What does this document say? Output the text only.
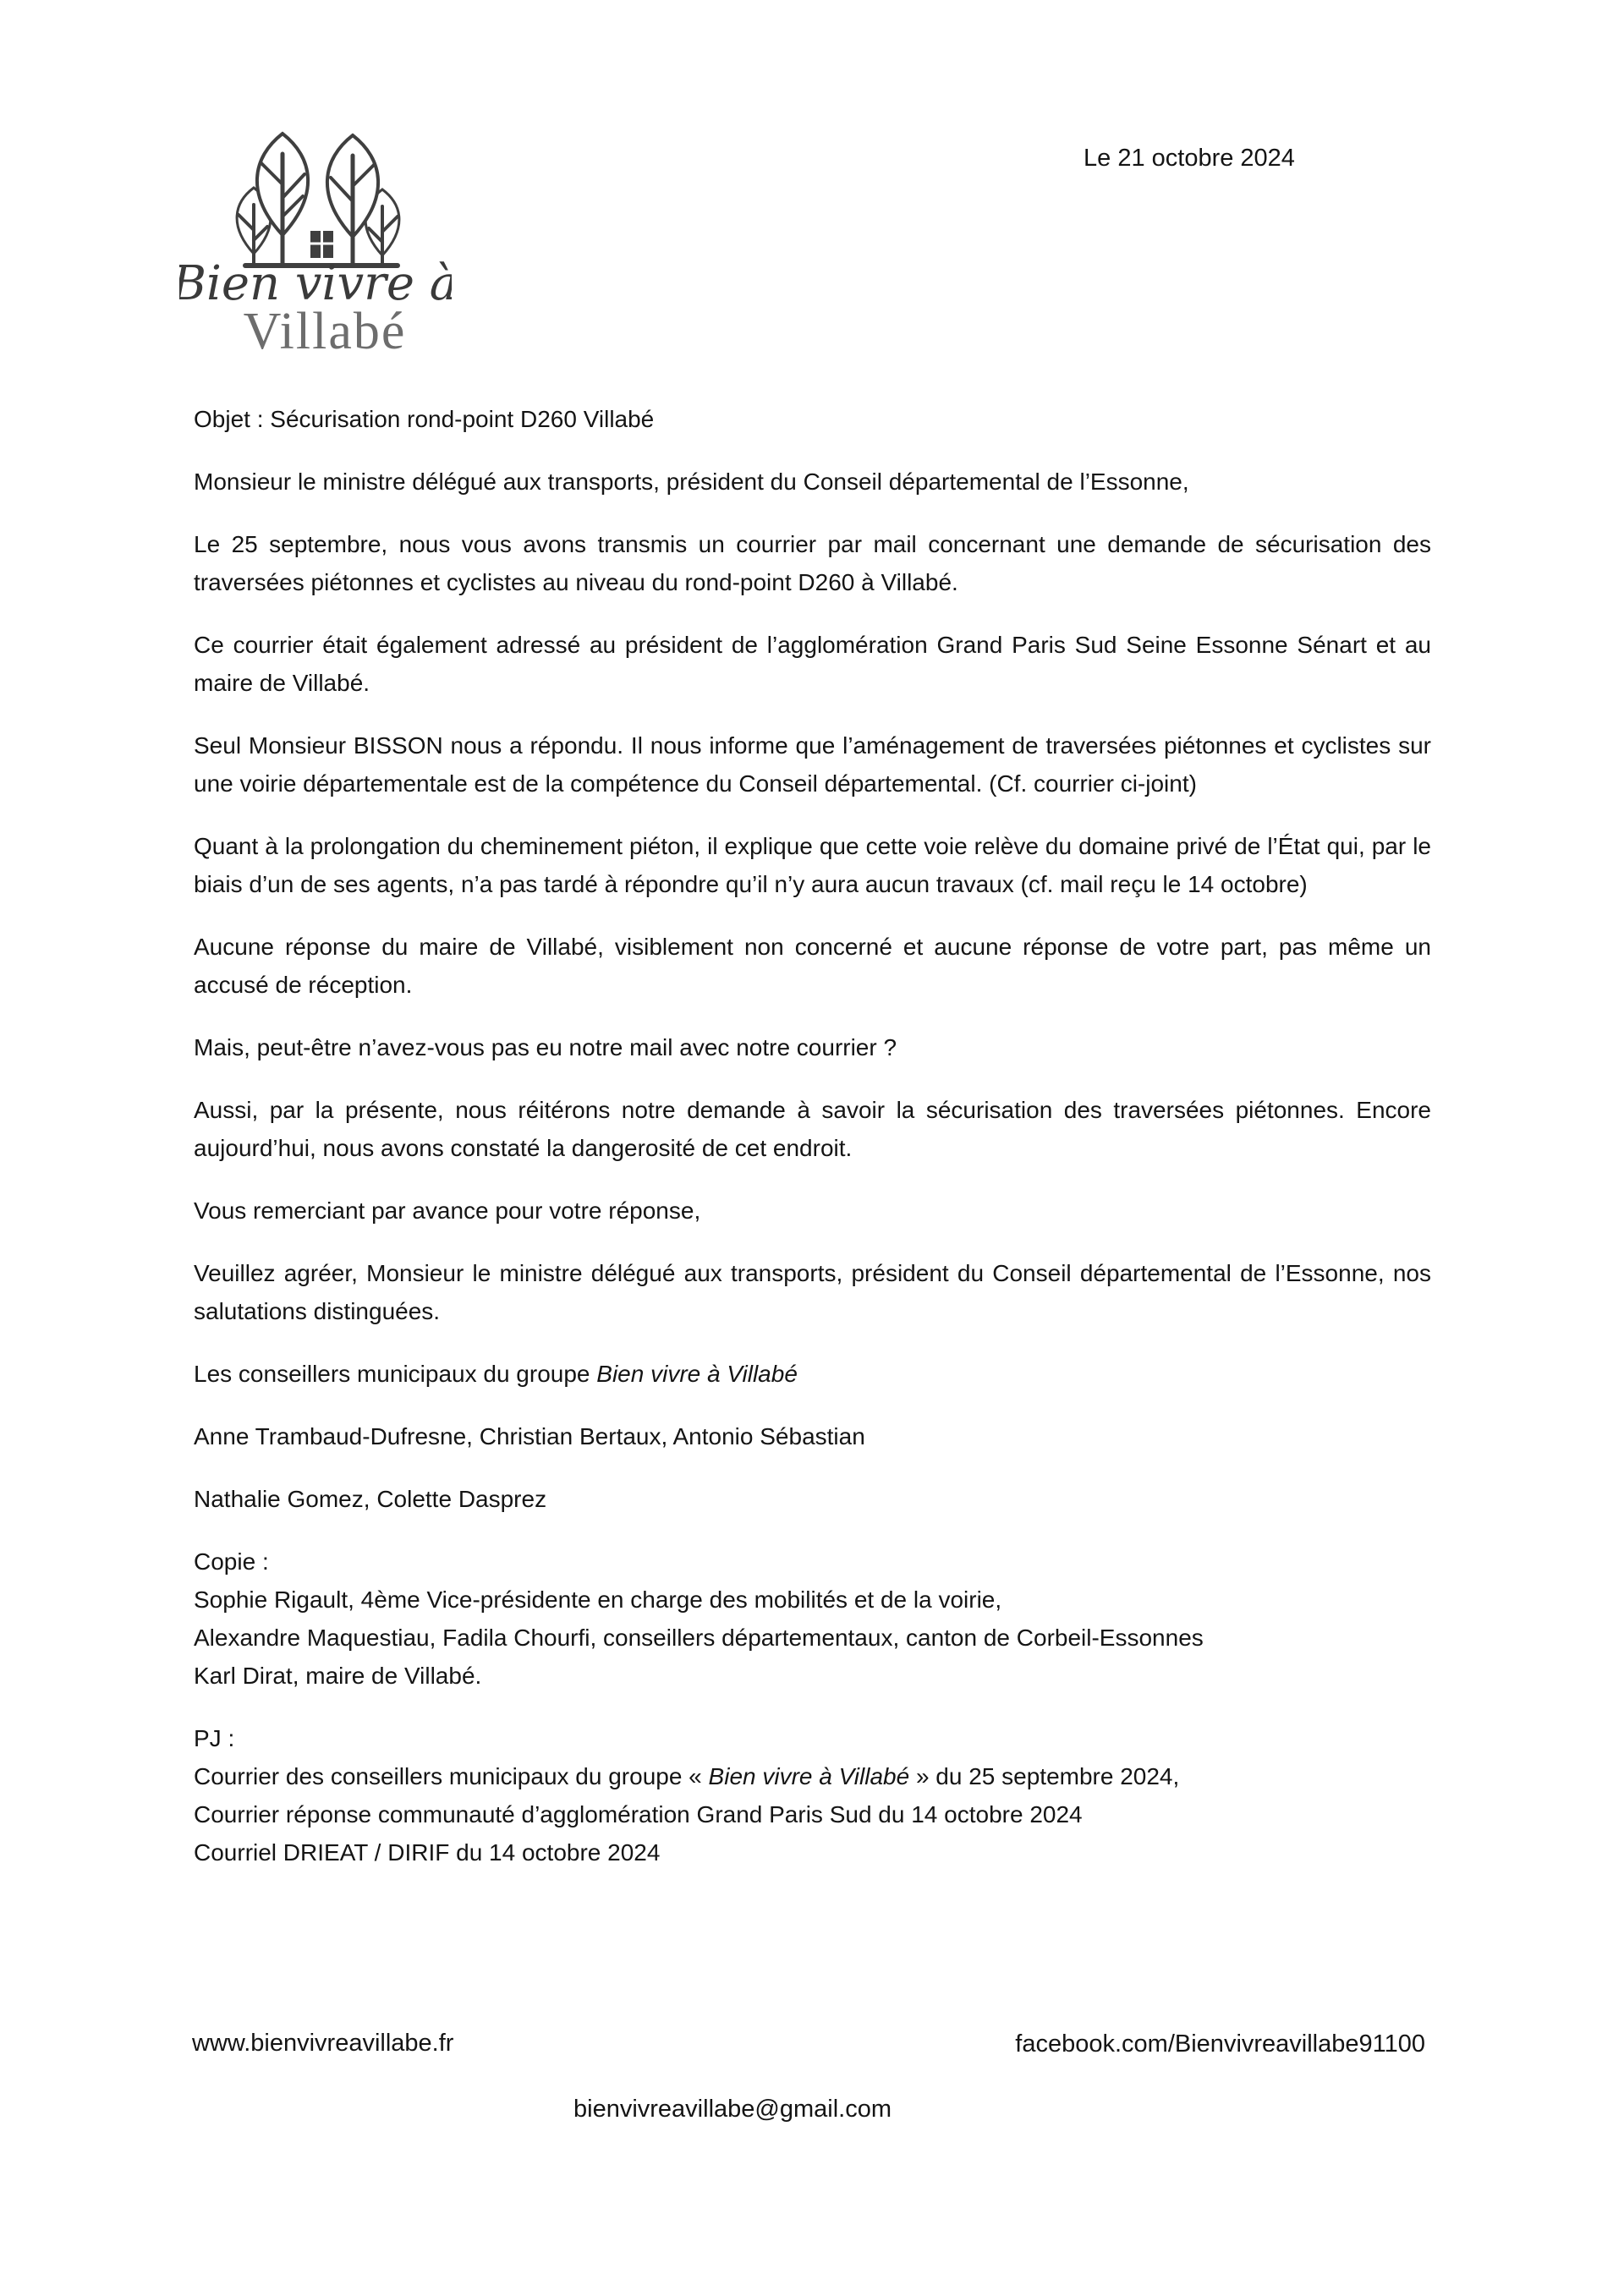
Bien vivre à
Villabé
Le 21 octobre 2024

Objet : Sécurisation rond-point D260 Villabé

Monsieur le ministre délégué aux transports, président du Conseil départemental de l’Essonne,

Le 25 septembre, nous vous avons transmis un courrier par mail concernant une demande de sécurisation des traversées piétonnes et cyclistes au niveau du rond-point D260 à Villabé.

Ce courrier était également adressé au président de l’agglomération Grand Paris Sud Seine Essonne Sénart et au maire de Villabé.

Seul Monsieur BISSON nous a répondu. Il nous informe que l’aménagement de traversées piétonnes et cyclistes sur une voirie départementale est de la compétence du Conseil départemental. (Cf. courrier ci-joint)

Quant à la prolongation du cheminement piéton, il explique que cette voie relève du domaine privé de l’État qui, par le biais d’un de ses agents, n’a pas tardé à répondre qu’il n’y aura aucun travaux (cf. mail reçu le 14 octobre)

Aucune réponse du maire de Villabé, visiblement non concerné et aucune réponse de votre part, pas même un accusé de réception.

Mais, peut-être n’avez-vous pas eu notre mail avec notre courrier ?

Aussi, par la présente, nous réitérons notre demande à savoir la sécurisation des traversées piétonnes. Encore aujourd’hui, nous avons constaté la dangerosité de cet endroit.

Vous remerciant par avance pour votre réponse,

Veuillez agréer, Monsieur le ministre délégué aux transports, président du Conseil départemental de l’Essonne, nos salutations distinguées.

Les conseillers municipaux du groupe Bien vivre à Villabé

Anne Trambaud-Dufresne, Christian Bertaux, Antonio Sébastian

Nathalie Gomez, Colette Dasprez

Copie :
Sophie Rigault, 4ème Vice-présidente en charge des mobilités et de la voirie,
Alexandre Maquestiau, Fadila Chourfi, conseillers départementaux, canton de Corbeil-Essonnes
Karl Dirat, maire de Villabé.
PJ :
Courrier des conseillers municipaux du groupe « Bien vivre à Villabé » du 25 septembre 2024,
Courrier réponse communauté d’agglomération Grand Paris Sud du 14 octobre 2024
Courriel DRIEAT / DIRIF du 14 octobre 2024
www.bienvivreavillabe.fr	facebook.com/Bienvivreavillabe91100
bienvivreavillabe@gmail.com
